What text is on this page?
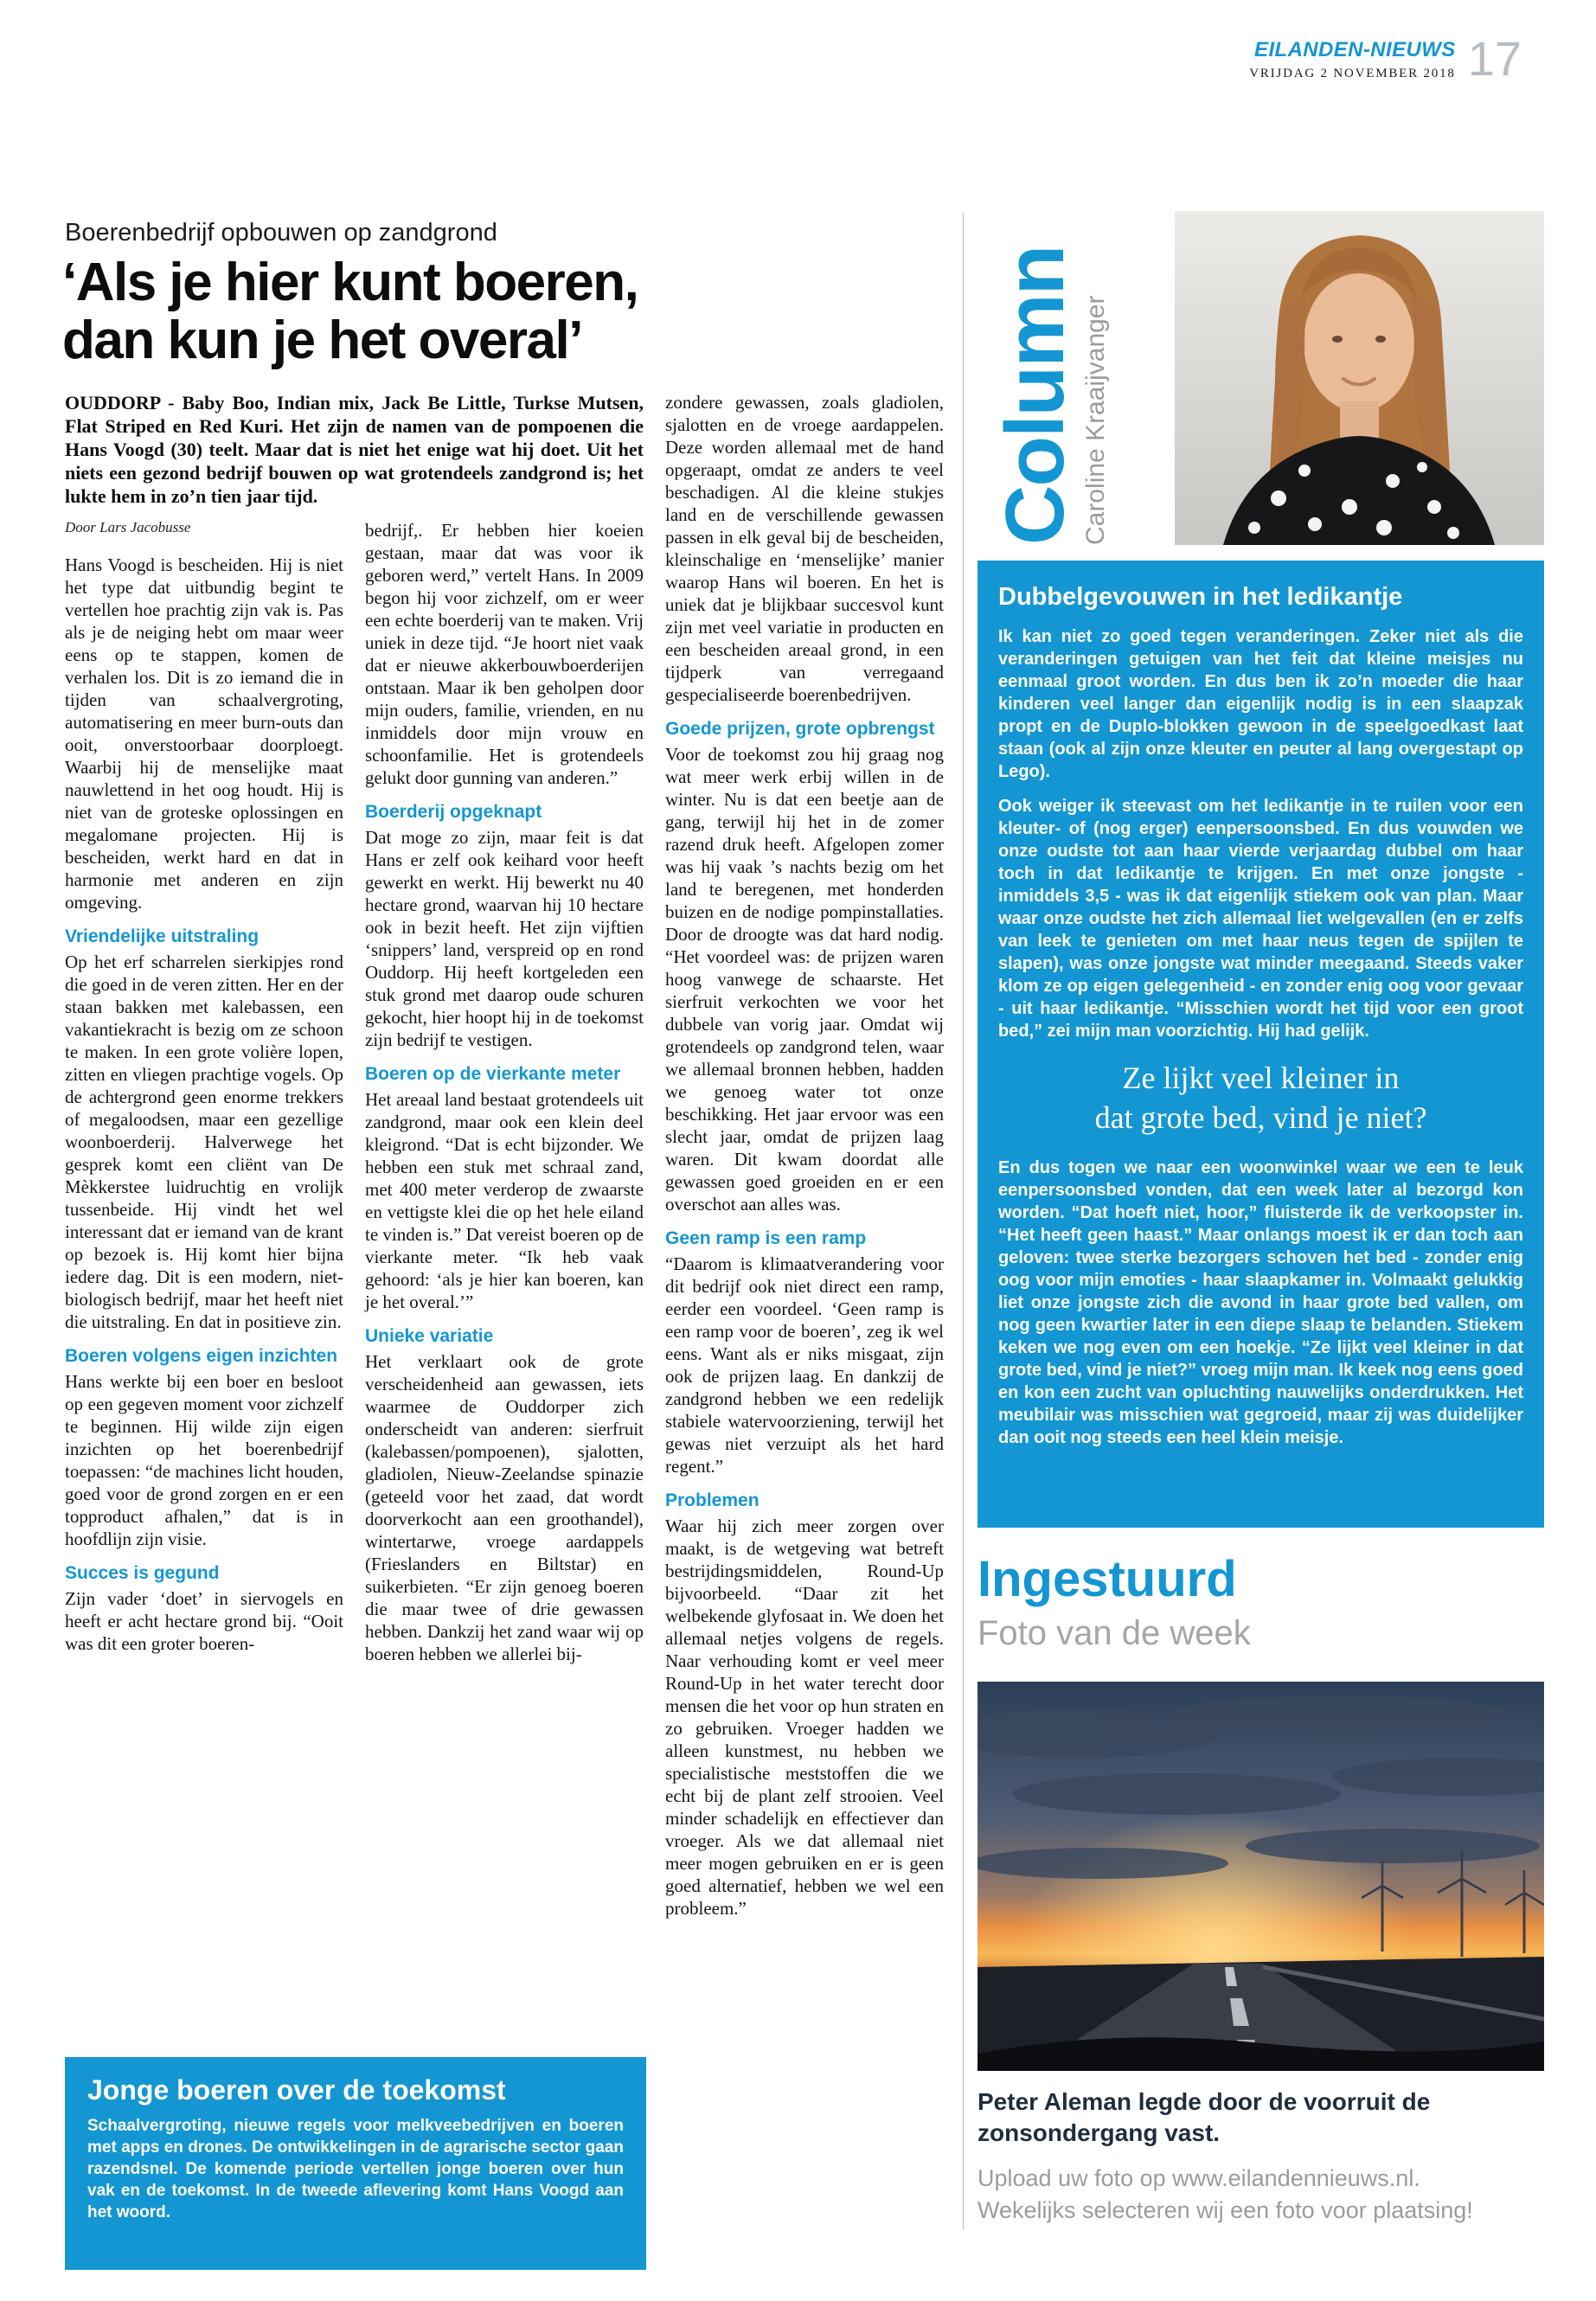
EILANDEN-NIEUWS
VRIJDAG 2 NOVEMBER 2018 17
Boerenbedrijf opbouwen op zandgrond
‘Als je hier kunt boeren,
dan kun je het overal’

OUDDORP - Baby Boo, Indian mix, Jack Be Little, Turkse Mutsen, Flat Striped en Red Kuri. Het zijn de namen van de pompoenen die Hans Voogd (30) teelt. Maar dat is niet het enige wat hij doet. Uit het niets een gezond bedrijf bouwen op wat grotendeels zandgrond is; het lukte hem in zo’n tien jaar tijd.

Door Lars Jacobusse

Hans Voogd is bescheiden. Hij is niet het type dat uitbundig begint te vertellen hoe prachtig zijn vak is. Pas als je de neiging hebt om maar weer eens op te stappen, komen de verhalen los. Dit is zo iemand die in tijden van schaalvergroting, automatisering en meer burn-outs dan ooit, onverstoorbaar doorploegt. Waarbij hij de menselijke maat nauwlettend in het oog houdt. Hij is niet van de groteske oplossingen en megalomane projecten. Hij is bescheiden, werkt hard en dat in harmonie met anderen en zijn omgeving.

Vriendelijke uitstraling

Op het erf scharrelen sierkipjes rond die goed in de veren zitten. Her en der staan bakken met kalebassen, een vakantiekracht is bezig om ze schoon te maken. In een grote volière lopen, zitten en vliegen prachtige vogels. Op de achtergrond geen enorme trekkers of megaloodsen, maar een gezellige woonboerderij. Halverwege het gesprek komt een cliënt van De Mèkkerstee luidruchtig en vrolijk tussenbeide. Hij vindt het wel interessant dat er iemand van de krant op bezoek is. Hij komt hier bijna iedere dag. Dit is een modern, niet-biologisch bedrijf, maar het heeft niet die uitstraling. En dat in positieve zin.

Boeren volgens eigen inzichten

Hans werkte bij een boer en besloot op een gegeven moment voor zichzelf te beginnen. Hij wilde zijn eigen inzichten op het boerenbedrijf toepassen: “de machines licht houden, goed voor de grond zorgen en er een topproduct afhalen,” dat is in hoofdlijn zijn visie.

Succes is gegund

Zijn vader ‘doet’ in siervogels en heeft er acht hectare grond bij. “Ooit was dit een groter boeren-

bedrijf,. Er hebben hier koeien gestaan, maar dat was voor ik geboren werd,” vertelt Hans. In 2009 begon hij voor zichzelf, om er weer een echte boerderij van te maken. Vrij uniek in deze tijd. “Je hoort niet vaak dat er nieuwe akkerbouwboerderijen ontstaan. Maar ik ben geholpen door mijn ouders, familie, vrienden, en nu inmiddels door mijn vrouw en schoonfamilie. Het is grotendeels gelukt door gunning van anderen.”

Boerderij opgeknapt

Dat moge zo zijn, maar feit is dat Hans er zelf ook keihard voor heeft gewerkt en werkt. Hij bewerkt nu 40 hectare grond, waarvan hij 10 hectare ook in bezit heeft. Het zijn vijftien ‘snippers’ land, verspreid op en rond Ouddorp. Hij heeft kortgeleden een stuk grond met daarop oude schuren gekocht, hier hoopt hij in de toekomst zijn bedrijf te vestigen.

Boeren op de vierkante meter

Het areaal land bestaat grotendeels uit zandgrond, maar ook een klein deel kleigrond. “Dat is echt bijzonder. We hebben een stuk met schraal zand, met 400 meter verderop de zwaarste en vettigste klei die op het hele eiland te vinden is.” Dat vereist boeren op de vierkante meter. “Ik heb vaak gehoord: ‘als je hier kan boeren, kan je het overal.’”

Unieke variatie

Het verklaart ook de grote verscheidenheid aan gewassen, iets waarmee de Ouddorper zich onderscheidt van anderen: sierfruit (kalebassen/pompoenen), sjalotten, gladiolen, Nieuw-Zeelandse spinazie (geteeld voor het zaad, dat wordt doorverkocht aan een groothandel), wintertarwe, vroege aardappels (Frieslanders en Biltstar) en suikerbieten. “Er zijn genoeg boeren die maar twee of drie gewassen hebben. Dankzij het zand waar wij op boeren hebben we allerlei bij-

zondere gewassen, zoals gladiolen, sjalotten en de vroege aardappelen. Deze worden allemaal met de hand opgeraapt, omdat ze anders te veel beschadigen. Al die kleine stukjes land en de verschillende gewassen passen in elk geval bij de bescheiden, kleinschalige en ‘menselijke’ manier waarop Hans wil boeren. En het is uniek dat je blijkbaar succesvol kunt zijn met veel variatie in producten en een bescheiden areaal grond, in een tijdperk van verregaand gespecialiseerde boerenbedrijven.

Goede prijzen, grote opbrengst

Voor de toekomst zou hij graag nog wat meer werk erbij willen in de winter. Nu is dat een beetje aan de gang, terwijl hij het in de zomer razend druk heeft. Afgelopen zomer was hij vaak ’s nachts bezig om het land te beregenen, met honderden buizen en de nodige pompinstallaties. Door de droogte was dat hard nodig. “Het voordeel was: de prijzen waren hoog vanwege de schaarste. Het sierfruit verkochten we voor het dubbele van vorig jaar. Omdat wij grotendeels op zandgrond telen, waar we allemaal bronnen hebben, hadden we genoeg water tot onze beschikking. Het jaar ervoor was een slecht jaar, omdat de prijzen laag waren. Dit kwam doordat alle gewassen goed groeiden en er een overschot aan alles was.

Geen ramp is een ramp

“Daarom is klimaatverandering voor dit bedrijf ook niet direct een ramp, eerder een voordeel. ‘Geen ramp is een ramp voor de boeren’, zeg ik wel eens. Want als er niks misgaat, zijn ook de prijzen laag. En dankzij de zandgrond hebben we een redelijk stabiele watervoorziening, terwijl het gewas niet verzuipt als het hard regent.”

Problemen

Waar hij zich meer zorgen over maakt, is de wetgeving wat betreft bestrijdingsmiddelen, Round-Up bijvoorbeeld. “Daar zit het welbekende glyfosaat in. We doen het allemaal netjes volgens de regels. Naar verhouding komt er veel meer Round-Up in het water terecht door mensen die het voor op hun straten en zo gebruiken. Vroeger hadden we alleen kunstmest, nu hebben we specialistische meststoffen die we echt bij de plant zelf strooien. Veel minder schadelijk en effectiever dan vroeger. Als we dat allemaal niet meer mogen gebruiken en er is geen goed alternatief, hebben we wel een probleem.”

Jonge boeren over de toekomst

Schaalvergroting, nieuwe regels voor melkveebedrijven en boeren met apps en drones. De ontwikkelingen in de agrarische sector gaan razendsnel. De komende periode vertellen jonge boeren over hun vak en de toekomst. In de tweede aflevering komt Hans Voogd aan het woord.

Column Caroline Kraaijvanger
Dubbelgevouwen in het ledikantje

Ik kan niet zo goed tegen veranderingen. Zeker niet als die veranderingen getuigen van het feit dat kleine meisjes nu eenmaal groot worden. En dus ben ik zo’n moeder die haar kinderen veel langer dan eigenlijk nodig is in een slaapzak propt en de Duplo-blokken gewoon in de speelgoedkast laat staan (ook al zijn onze kleuter en peuter al lang overgestapt op Lego).

Ook weiger ik steevast om het ledikantje in te ruilen voor een kleuter- of (nog erger) eenpersoonsbed. En dus vouwden we onze oudste tot aan haar vierde verjaardag dubbel om haar toch in dat ledikantje te krijgen. En met onze jongste - inmiddels 3,5 - was ik dat eigenlijk stiekem ook van plan. Maar waar onze oudste het zich allemaal liet welgevallen (en er zelfs van leek te genieten om met haar neus tegen de spijlen te slapen), was onze jongste wat minder meegaand. Steeds vaker klom ze op eigen gelegenheid - en zonder enig oog voor gevaar - uit haar ledikantje. “Misschien wordt het tijd voor een groot bed,” zei mijn man voorzichtig. Hij had gelijk.

Ze lijkt veel kleiner in
dat grote bed, vind je niet?

En dus togen we naar een woonwinkel waar we een te leuk eenpersoonsbed vonden, dat een week later al bezorgd kon worden. “Dat hoeft niet, hoor,” fluisterde ik de verkoopster in. “Het heeft geen haast.” Maar onlangs moest ik er dan toch aan geloven: twee sterke bezorgers schoven het bed - zonder enig oog voor mijn emoties - haar slaapkamer in. Volmaakt gelukkig liet onze jongste zich die avond in haar grote bed vallen, om nog geen kwartier later in een diepe slaap te belanden. Stiekem keken we nog even om een hoekje. “Ze lijkt veel kleiner in dat grote bed, vind je niet?” vroeg mijn man. Ik keek nog eens goed en kon een zucht van opluchting nauwelijks onderdrukken. Het meubilair was misschien wat gegroeid, maar zij was duidelijker dan ooit nog steeds een heel klein meisje.

Ingestuurd
Foto van de week

Peter Aleman legde door de voorruit de zonsondergang vast.

Upload uw foto op www.eilandennieuws.nl.
Wekelijks selecteren wij een foto voor plaatsing!
